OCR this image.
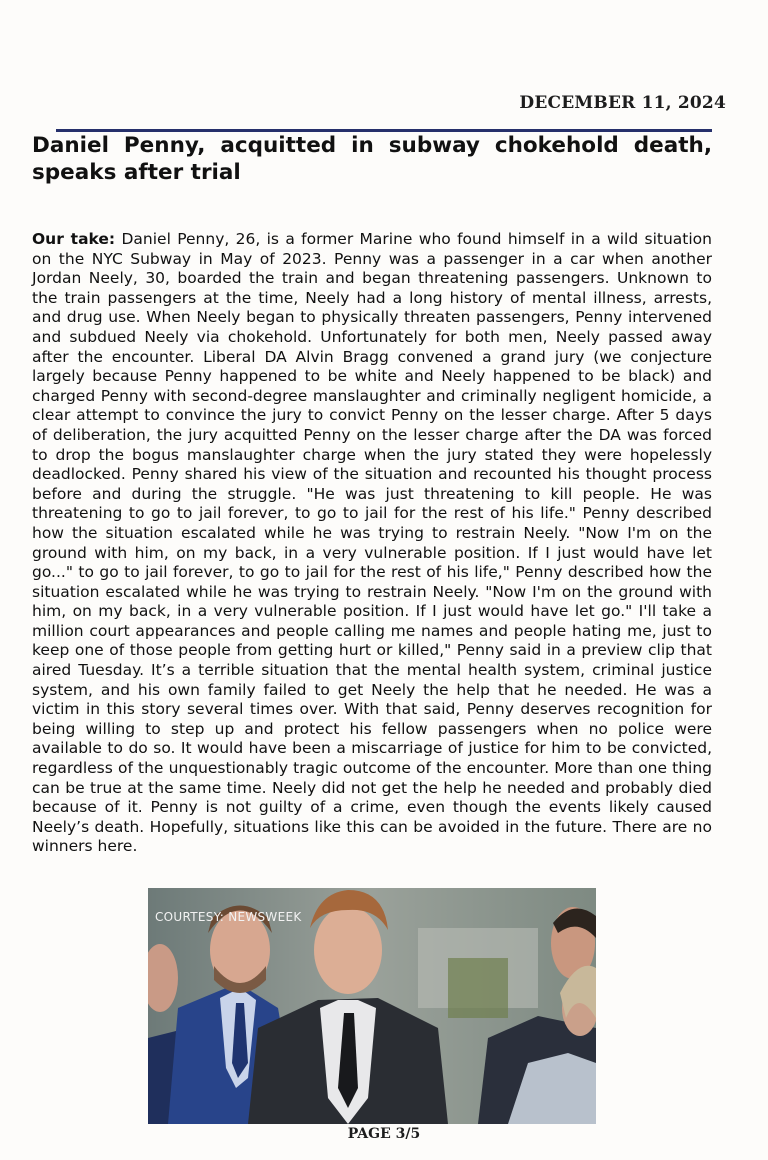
DECEMBER 11, 2024
Daniel Penny, acquitted in subway chokehold death, speaks after trial

Our take: Daniel Penny, 26, is a former Marine who found himself in a wild situation on the NYC Subway in May of 2023. Penny was a passenger in a car when another Jordan Neely, 30, boarded the train and began threatening passengers. Unknown to the train passengers at the time, Neely had a long history of mental illness, arrests, and drug use. When Neely began to physically threaten passengers, Penny intervened and subdued Neely via chokehold. Unfortunately for both men, Neely passed away after the encounter. Liberal DA Alvin Bragg convened a grand jury (we conjecture largely because Penny happened to be white and Neely happened to be black) and charged Penny with second-degree manslaughter and criminally negligent homicide, a clear attempt to convince the jury to convict Penny on the lesser charge. After 5 days of deliberation, the jury acquitted Penny on the lesser charge after the DA was forced to drop the bogus manslaughter charge when the jury stated they were hopelessly deadlocked. Penny shared his view of the situation and recounted his thought process before and during the struggle. "He was just threatening to kill people. He was threatening to go to jail forever, to go to jail for the rest of his life." Penny described how the situation escalated while he was trying to restrain Neely. "Now I'm on the ground with him, on my back, in a very vulnerable position. If I just would have let go..." to go to jail forever, to go to jail for the rest of his life," Penny described how the situation escalated while he was trying to restrain Neely. "Now I'm on the ground with him, on my back, in a very vulnerable position. If I just would have let go." I'll take a million court appearances and people calling me names and people hating me, just to keep one of those people from getting hurt or killed," Penny said in a preview clip that aired Tuesday. It’s a terrible situation that the mental health system, criminal justice system, and his own family failed to get Neely the help that he needed. He was a victim in this story several times over. With that said, Penny deserves recognition for being willing to step up and protect his fellow passengers when no police were available to do so. It would have been a miscarriage of justice for him to be convicted, regardless of the unquestionably tragic outcome of the encounter. More than one thing can be true at the same time. Neely did not get the help he needed and probably died because of it. Penny is not guilty of a crime, even though the events likely caused Neely’s death. Hopefully, situations like this can be avoided in the future. There are no winners here.

COURTESY: NEWSWEEK
PAGE 3/5
